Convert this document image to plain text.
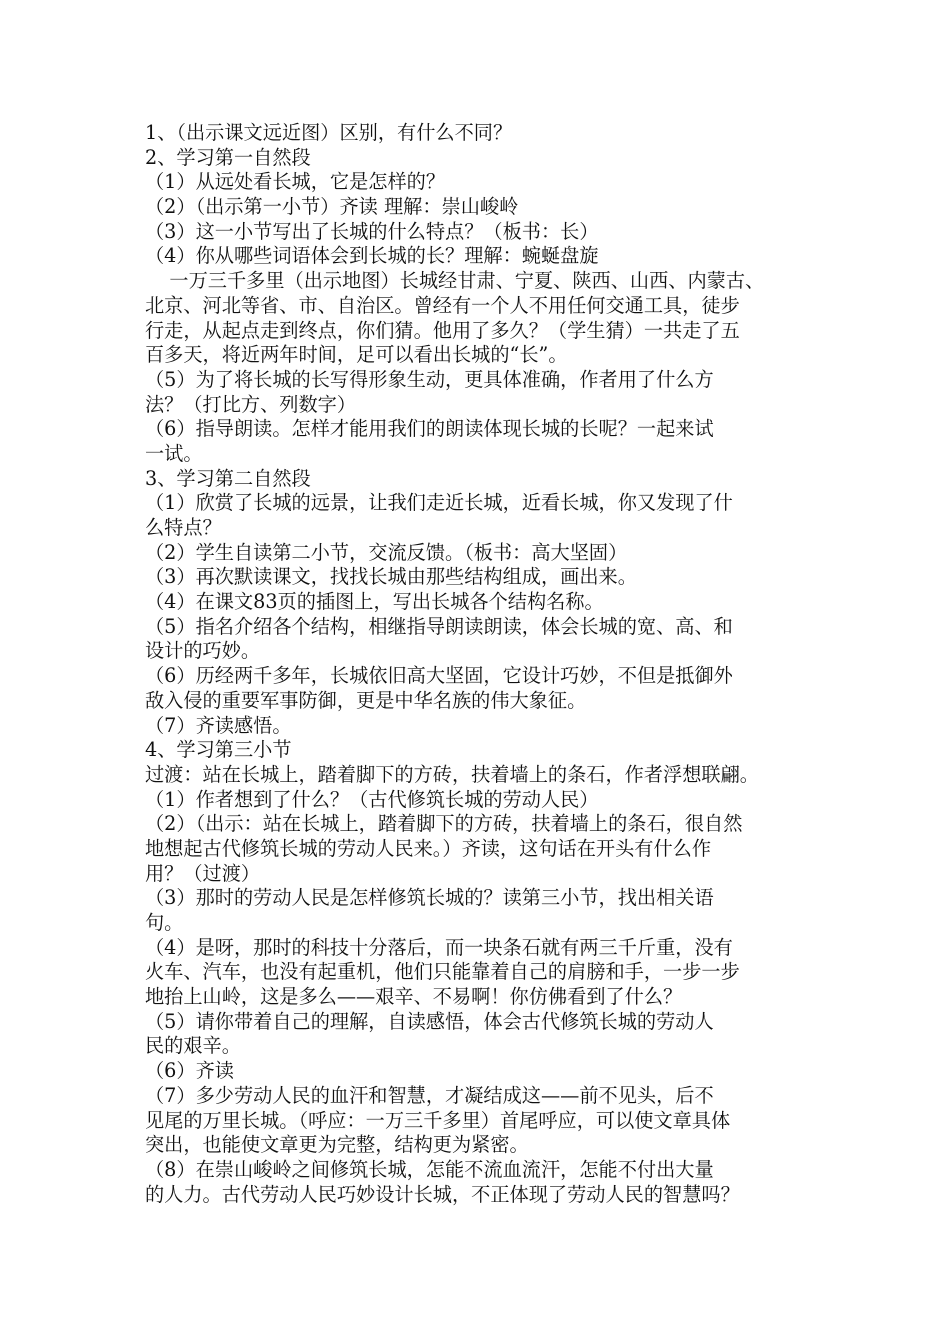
1、（出示课文远近图）区别，有什么不同？
2、学习第一自然段
（1）从远处看长城，它是怎样的？
（2）（出示第一小节）齐读 理解：崇山峻岭
（3）这一小节写出了长城的什么特点？（板书：长）
（4）你从哪些词语体会到长城的长？理解：蜿蜒盘旋
一万三千多里（出示地图）长城经甘肃、宁夏、陕西、山西、内蒙古、
北京、河北等省、市、自治区。曾经有一个人不用任何交通工具，徒步
行走，从起点走到终点，你们猜。他用了多久？（学生猜）一共走了五
百多天，将近两年时间，足可以看出长城的“长”。
（5）为了将长城的长写得形象生动，更具体准确，作者用了什么方
法？（打比方、列数字）
（6）指导朗读。怎样才能用我们的朗读体现长城的长呢？一起来试
一试。
3、学习第二自然段
（1）欣赏了长城的远景，让我们走近长城，近看长城，你又发现了什
么特点？
（2）学生自读第二小节，交流反馈。（板书：高大坚固）
（3）再次默读课文，找找长城由那些结构组成，画出来。
（4）在课文83页的插图上，写出长城各个结构名称。
（5）指名介绍各个结构，相继指导朗读朗读，体会长城的宽、高、和
设计的巧妙。
（6）历经两千多年，长城依旧高大坚固，它设计巧妙，不但是抵御外
敌入侵的重要军事防御，更是中华名族的伟大象征。
（7）齐读感悟。
4、学习第三小节
过渡：站在长城上，踏着脚下的方砖，扶着墙上的条石，作者浮想联翩。
（1）作者想到了什么？（古代修筑长城的劳动人民）
（2）（出示：站在长城上，踏着脚下的方砖，扶着墙上的条石，很自然
地想起古代修筑长城的劳动人民来。）齐读，这句话在开头有什么作
用？（过渡）
（3）那时的劳动人民是怎样修筑长城的？读第三小节，找出相关语
句。
（4）是呀，那时的科技十分落后，而一块条石就有两三千斤重，没有
火车、汽车，也没有起重机，他们只能靠着自己的肩膀和手，一步一步
地抬上山岭，这是多么——艰辛、不易啊！你仿佛看到了什么？
（5）请你带着自己的理解，自读感悟，体会古代修筑长城的劳动人
民的艰辛。
（6）齐读
（7）多少劳动人民的血汗和智慧，才凝结成这——前不见头，后不
见尾的万里长城。（呼应：一万三千多里）首尾呼应，可以使文章具体
突出，也能使文章更为完整，结构更为紧密。
（8）在崇山峻岭之间修筑长城，怎能不流血流汗，怎能不付出大量
的人力。古代劳动人民巧妙设计长城，不正体现了劳动人民的智慧吗？
